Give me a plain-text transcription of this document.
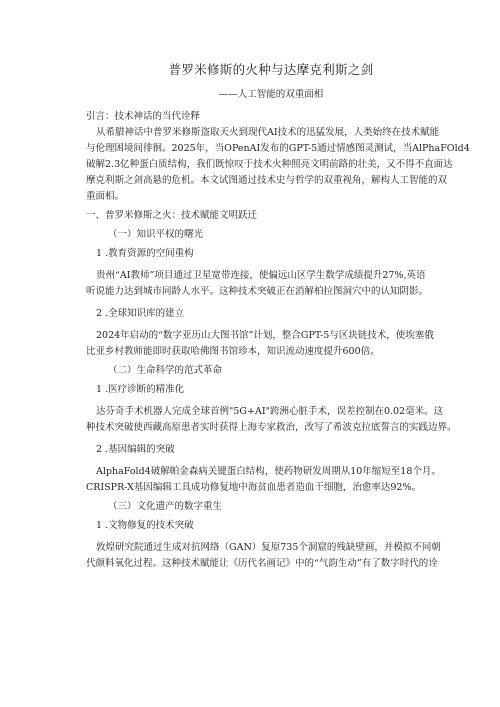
普罗米修斯的火种与达摩克利斯之剑
——人工智能的双重面相
引言：技术神话的当代诠释
从希腊神话中普罗米修斯盗取天火到现代AI技术的迅猛发展，人类始终在技术赋能
与伦理困境间徘徊。2025年，当OPenAI发布的GPT-5通过情感图灵测试，当AlPhaFOld4
破解2.3亿种蛋白质结构，我们既惊叹于技术火种照亮文明前路的壮美，又不得不直面达
摩克利斯之剑高悬的危机。本文试图通过技术史与哲学的双重视角，解构人工智能的双
重面相。
一、普罗米修斯之火：技术赋能文明跃迁
（一）知识平权的曙光
1 .教育资源的空间重构
贵州“AI教师”项目通过卫星宽带连接，使偏远山区学生数学成绩提升27%,英语
听说能力达到城市同龄人水平。这种技术突破正在消解柏拉图洞穴中的认知阴影。
2 .全球知识库的建立
2024年启动的“数字亚历山大图书馆”计划，整合GPT-5与区块链技术，使埃塞俄
比亚乡村教师能即时获取哈佛图书馆珍本，知识流动速度提升600倍。
（二）生命科学的范式革命
1 .医疗诊断的精准化
达芬奇手术机器人完成全球首例"5G+AI"跨洲心脏手术，误差控制在0.02毫米。这
种技术突破使西藏高原患者实时获得上海专家救治，改写了希波克拉底誓言的实践边界。
2 .基因编辑的突破
AlphaFold4破解帕金森病关键蛋白结构，使药物研发周期从10年缩短至18个月。
CRISPR-X基因编辑工具成功修复地中海贫血患者造血干细胞，治愈率达92%。
（三）文化遗产的数字重生
1 .文物修复的技术突破
敦煌研究院通过生成对抗网络（GAN）复原735个洞窟的残缺壁画，并模拟不同朝
代颜料氧化过程。这种技术赋能让《历代名画记》中的“气韵生动”有了数字时代的诠
